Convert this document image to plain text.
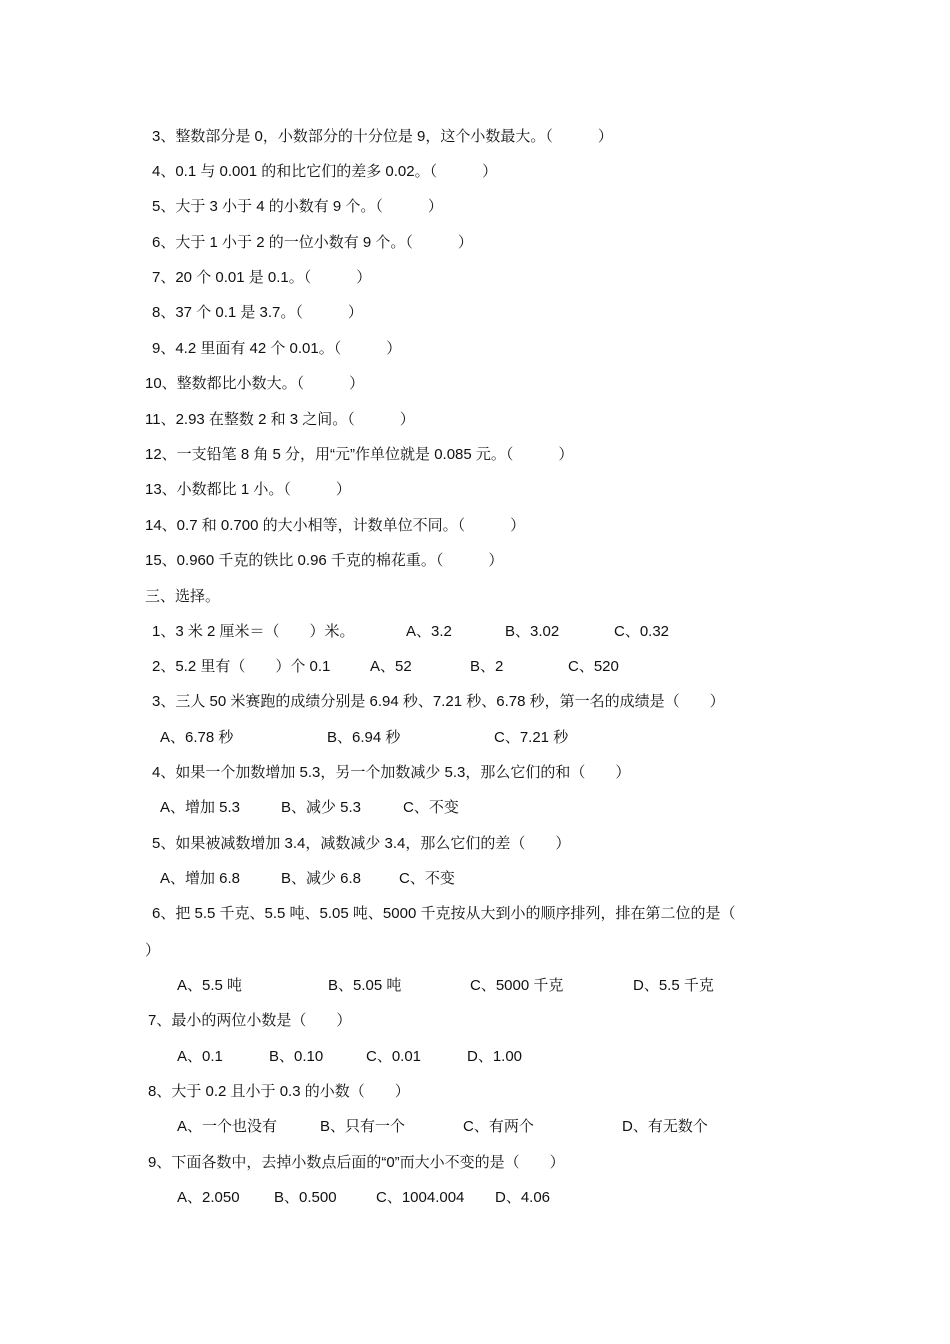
3、整数部分是 0，小数部分的十分位是 9，这个小数最大。（　　　）
4、0.1 与 0.001 的和比它们的差多 0.02。（　　　）
5、大于 3 小于 4 的小数有 9 个。（　　　）
6、大于 1 小于 2 的一位小数有 9 个。（　　　）
7、20 个 0.01 是 0.1。（　　　）
8、37 个 0.1 是 3.7。（　　　）
9、4.2 里面有 42 个 0.01。（　　　）
10、整数都比小数大。（　　　）
11、2.93 在整数 2 和 3 之间。（　　　）
12、一支铅笔 8 角 5 分，用“元”作单位就是 0.085 元。（　　　）
13、小数都比 1 小。（　　　）
14、0.7 和 0.700 的大小相等，计数单位不同。（　　　）
15、0.960 千克的铁比 0.96 千克的棉花重。（　　　）
三、选择。
1、3 米 2 厘米＝（　　）米。	A、3.2	B、3.02	C、0.32
2、5.2 里有（　　）个 0.1	A、52	B、2	C、520
3、三人 50 米赛跑的成绩分别是 6.94 秒、7.21 秒、6.78 秒，第一名的成绩是（　　）
A、6.78 秒	B、6.94 秒	C、7.21 秒
4、如果一个加数增加 5.3，另一个加数减少 5.3，那么它们的和（　　）
A、增加 5.3	B、减少 5.3	C、不变
5、如果被减数增加 3.4，减数减少 3.4，那么它们的差（　　）
A、增加 6.8	B、减少 6.8	C、不变
6、把 5.5 千克、5.5 吨、5.05 吨、5000 千克按从大到小的顺序排列，排在第二位的是（
）
A、5.5 吨	B、5.05 吨	C、5000 千克	D、5.5 千克
7、最小的两位小数是（　　）
A、0.1	B、0.10	C、0.01	D、1.00
8、大于 0.2 且小于 0.3 的小数（　　）
A、一个也没有	B、只有一个	C、有两个	D、有无数个
9、下面各数中，去掉小数点后面的“0”而大小不变的是（　　）
A、2.050 B、0.500	C、1004.004 D、4.06
